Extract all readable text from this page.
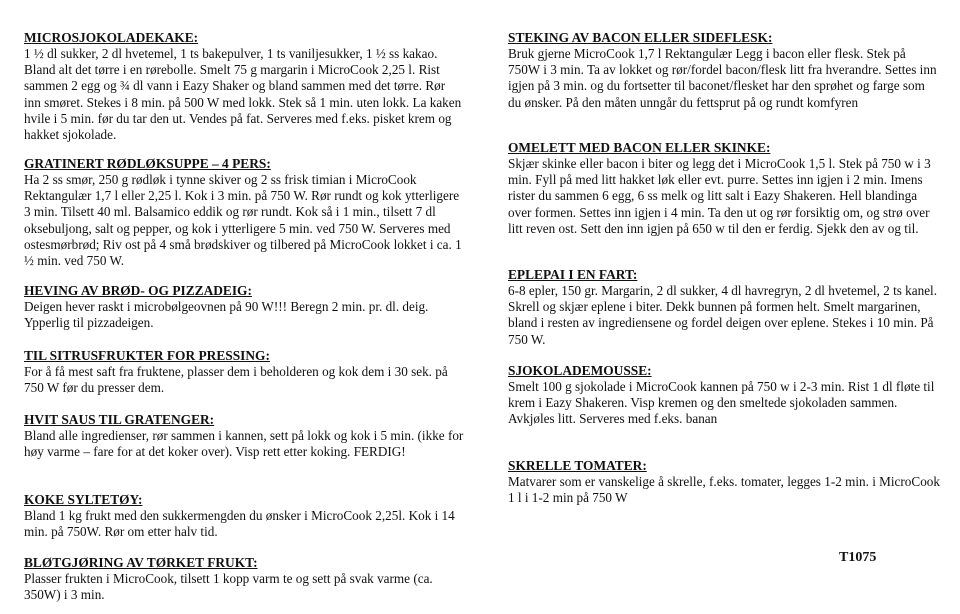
MICROSJOKOLADEKAKE:

1 ½ dl sukker, 2 dl hvetemel, 1 ts bakepulver, 1 ts vaniljesukker, 1 ½ ss kakao. Bland alt det tørre i en rørebolle. Smelt 75 g margarin i MicroCook 2,25 l. Rist sammen 2 egg og ¾ dl vann i Eazy Shaker og bland sammen med det tørre. Rør inn smøret. Stekes i 8 min. på 500 W med lokk. Stek så 1 min. uten lokk. La kaken hvile i 5 min. før du tar den ut. Vendes på fat. Serveres med f.eks. pisket krem og hakket sjokolade.

GRATINERT RØDLØKSUPPE – 4 PERS:

Ha 2 ss smør, 250 g rødløk i tynne skiver og 2 ss frisk timian i MicroCook Rektangulær 1,7 l eller 2,25 l. Kok i 3 min. på 750 W. Rør rundt og kok ytterligere 3 min. Tilsett 40 ml. Balsamico eddik og rør rundt. Kok så i 1 min., tilsett 7 dl oksebuljong, salt og pepper, og kok i ytterligere 5 min. ved 750 W. Serveres med ostesmørbrød; Riv ost på 4 små brødskiver og tilbered på MicroCook lokket i ca. 1 ½ min. ved 750 W.

HEVING AV BRØD- OG PIZZADEIG:

Deigen hever raskt i microbølgeovnen på 90 W!!! Beregn 2 min. pr. dl. deig. Ypperlig til pizzadeigen.

TIL SITRUSFRUKTER FOR PRESSING:

For å få mest saft fra fruktene, plasser dem i beholderen og kok dem i 30 sek. på 750 W før du presser dem.

HVIT SAUS TIL GRATENGER:

Bland alle ingredienser, rør sammen i kannen, sett på lokk og kok i 5 min. (ikke for høy varme – fare for at det koker over). Visp rett etter koking. FERDIG!

KOKE SYLTETØY:

Bland 1 kg frukt med den sukkermengden du ønsker i MicroCook 2,25l. Kok i 14 min. på 750W. Rør om etter halv tid.

BLØTGJØRING AV TØRKET FRUKT:

Plasser frukten i MicroCook, tilsett 1 kopp varm te og sett på svak varme (ca. 350W) i 3 min.

STEKING AV BACON ELLER SIDEFLESK:

Bruk gjerne MicroCook 1,7 l Rektangulær Legg i bacon eller flesk. Stek på 750W i 3 min. Ta av lokket og rør/fordel bacon/flesk litt fra hverandre. Settes inn igjen på 3 min. og du fortsetter til baconet/flesket har den sprøhet og farge som du ønsker. På den måten unngår du fettsprut på og rundt komfyren

OMELETT MED BACON ELLER SKINKE:

Skjær skinke eller bacon i biter og legg det i MicroCook 1,5 l. Stek på 750 w i 3 min. Fyll på med litt hakket løk eller evt. purre. Settes inn igjen i 2 min. Imens rister du sammen 6 egg, 6 ss melk og litt salt i Eazy Shakeren. Hell blandinga over formen. Settes inn igjen i 4 min. Ta den ut og rør forsiktig om, og strø over litt reven ost. Sett den inn igjen på 650 w til den er ferdig. Sjekk den av og til.

EPLEPAI I EN FART:

6-8 epler, 150 gr. Margarin, 2 dl sukker, 4 dl havregryn, 2 dl hvetemel, 2 ts kanel. Skrell og skjær eplene i biter. Dekk bunnen på formen helt. Smelt margarinen, bland i resten av ingrediensene og fordel deigen over eplene. Stekes i 10 min. På 750 W.

SJOKOLADEMOUSSE:

Smelt 100 g sjokolade i MicroCook kannen på 750 w i 2-3 min. Rist 1 dl fløte til krem i Eazy Shakeren. Visp kremen og den smeltede sjokoladen sammen. Avkjøles litt. Serveres med f.eks. banan

SKRELLE TOMATER:

Matvarer som er vanskelige å skrelle, f.eks. tomater, legges 1-2 min. i MicroCook 1 l i 1-2 min på 750 W

T1075
